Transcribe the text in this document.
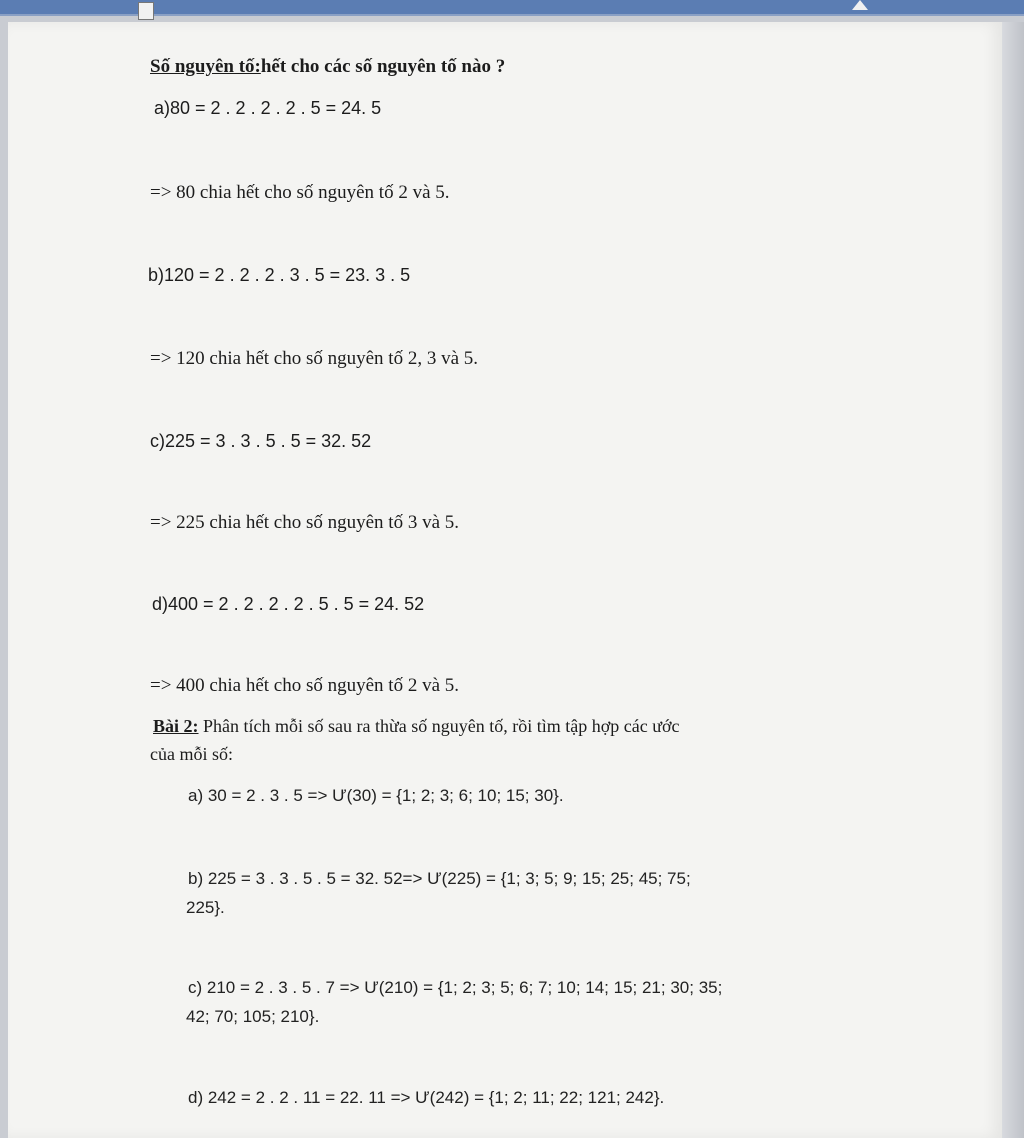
Số nguyên tố:hết cho các số nguyên tố nào ?
a)80 = 2 . 2 . 2 . 2 . 5 = 24. 5
=> 80 chia hết cho số nguyên tố 2 và 5.
b)120 = 2 . 2 . 2 . 3 . 5 = 23. 3 . 5
=> 120 chia hết cho số nguyên tố 2, 3 và 5.
c)225 = 3 . 3 . 5 . 5 = 32. 52
=> 225 chia hết cho số nguyên tố 3 và 5.
d)400 = 2 . 2 . 2 . 2 . 5 . 5 = 24. 52
=> 400 chia hết cho số nguyên tố 2 và 5.
Bài 2: Phân tích mỗi số sau ra thừa số nguyên tố, rồi tìm tập hợp các ước
của mỗi số:
a) 30 = 2 . 3 . 5 => Ư(30) = {1; 2; 3; 6; 10; 15; 30}.
b) 225 = 3 . 3 . 5 . 5 = 32. 52=> Ư(225) = {1; 3; 5; 9; 15; 25; 45; 75;
225}.
c) 210 = 2 . 3 . 5 . 7 => Ư(210) = {1; 2; 3; 5; 6; 7; 10; 14; 15; 21; 30; 35;
42; 70; 105; 210}.
d) 242 = 2 . 2 . 11 = 22. 11 => Ư(242) = {1; 2; 11; 22; 121; 242}.
